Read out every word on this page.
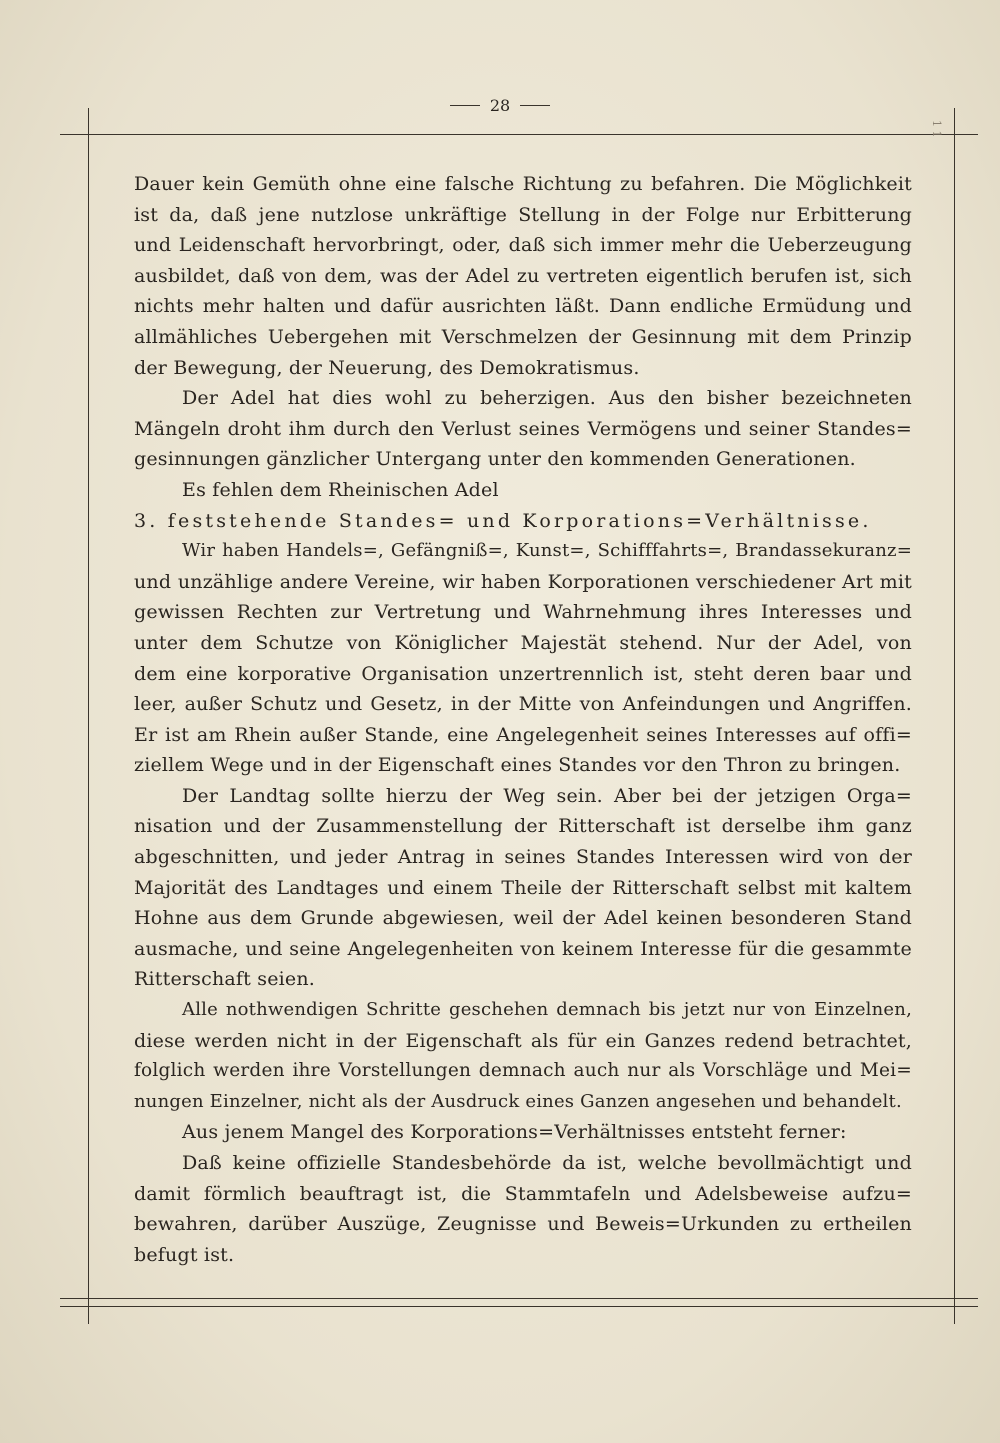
28
1 1
Dauer kein Gemüth ohne eine falsche Richtung zu befahren. Die Möglichkeit
ist da, daß jene nutzlose unkräftige Stellung in der Folge nur Erbitterung
und Leidenschaft hervorbringt, oder, daß sich immer mehr die Ueberzeugung
ausbildet, daß von dem, was der Adel zu vertreten eigentlich berufen ist, sich
nichts mehr halten und dafür ausrichten läßt. Dann endliche Ermüdung und
allmähliches Uebergehen mit Verschmelzen der Gesinnung mit dem Prinzip
der Bewegung, der Neuerung, des Demokratismus.
Der Adel hat dies wohl zu beherzigen. Aus den bisher bezeichneten
Mängeln droht ihm durch den Verlust seines Vermögens und seiner Standes=
gesinnungen gänzlicher Untergang unter den kommenden Generationen.
Es fehlen dem Rheinischen Adel
3. feststehende Standes= und Korporations=Verhältnisse.
Wir haben Handels=, Gefängniß=, Kunst=, Schifffahrts=, Brandassekuranz=
und unzählige andere Vereine, wir haben Korporationen verschiedener Art mit
gewissen Rechten zur Vertretung und Wahrnehmung ihres Interesses und
unter dem Schutze von Königlicher Majestät stehend. Nur der Adel, von
dem eine korporative Organisation unzertrennlich ist, steht deren baar und
leer, außer Schutz und Gesetz, in der Mitte von Anfeindungen und Angriffen.
Er ist am Rhein außer Stande, eine Angelegenheit seines Interesses auf offi=
ziellem Wege und in der Eigenschaft eines Standes vor den Thron zu bringen.
Der Landtag sollte hierzu der Weg sein. Aber bei der jetzigen Orga=
nisation und der Zusammenstellung der Ritterschaft ist derselbe ihm ganz
abgeschnitten, und jeder Antrag in seines Standes Interessen wird von der
Majorität des Landtages und einem Theile der Ritterschaft selbst mit kaltem
Hohne aus dem Grunde abgewiesen, weil der Adel keinen besonderen Stand
ausmache, und seine Angelegenheiten von keinem Interesse für die gesammte
Ritterschaft seien.
Alle nothwendigen Schritte geschehen demnach bis jetzt nur von Einzelnen,
diese werden nicht in der Eigenschaft als für ein Ganzes redend betrachtet,
folglich werden ihre Vorstellungen demnach auch nur als Vorschläge und Mei=
nungen Einzelner, nicht als der Ausdruck eines Ganzen angesehen und behandelt.
Aus jenem Mangel des Korporations=Verhältnisses entsteht ferner:
Daß keine offizielle Standesbehörde da ist, welche bevollmächtigt und
damit förmlich beauftragt ist, die Stammtafeln und Adelsbeweise aufzu=
bewahren, darüber Auszüge, Zeugnisse und Beweis=Urkunden zu ertheilen
befugt ist.
